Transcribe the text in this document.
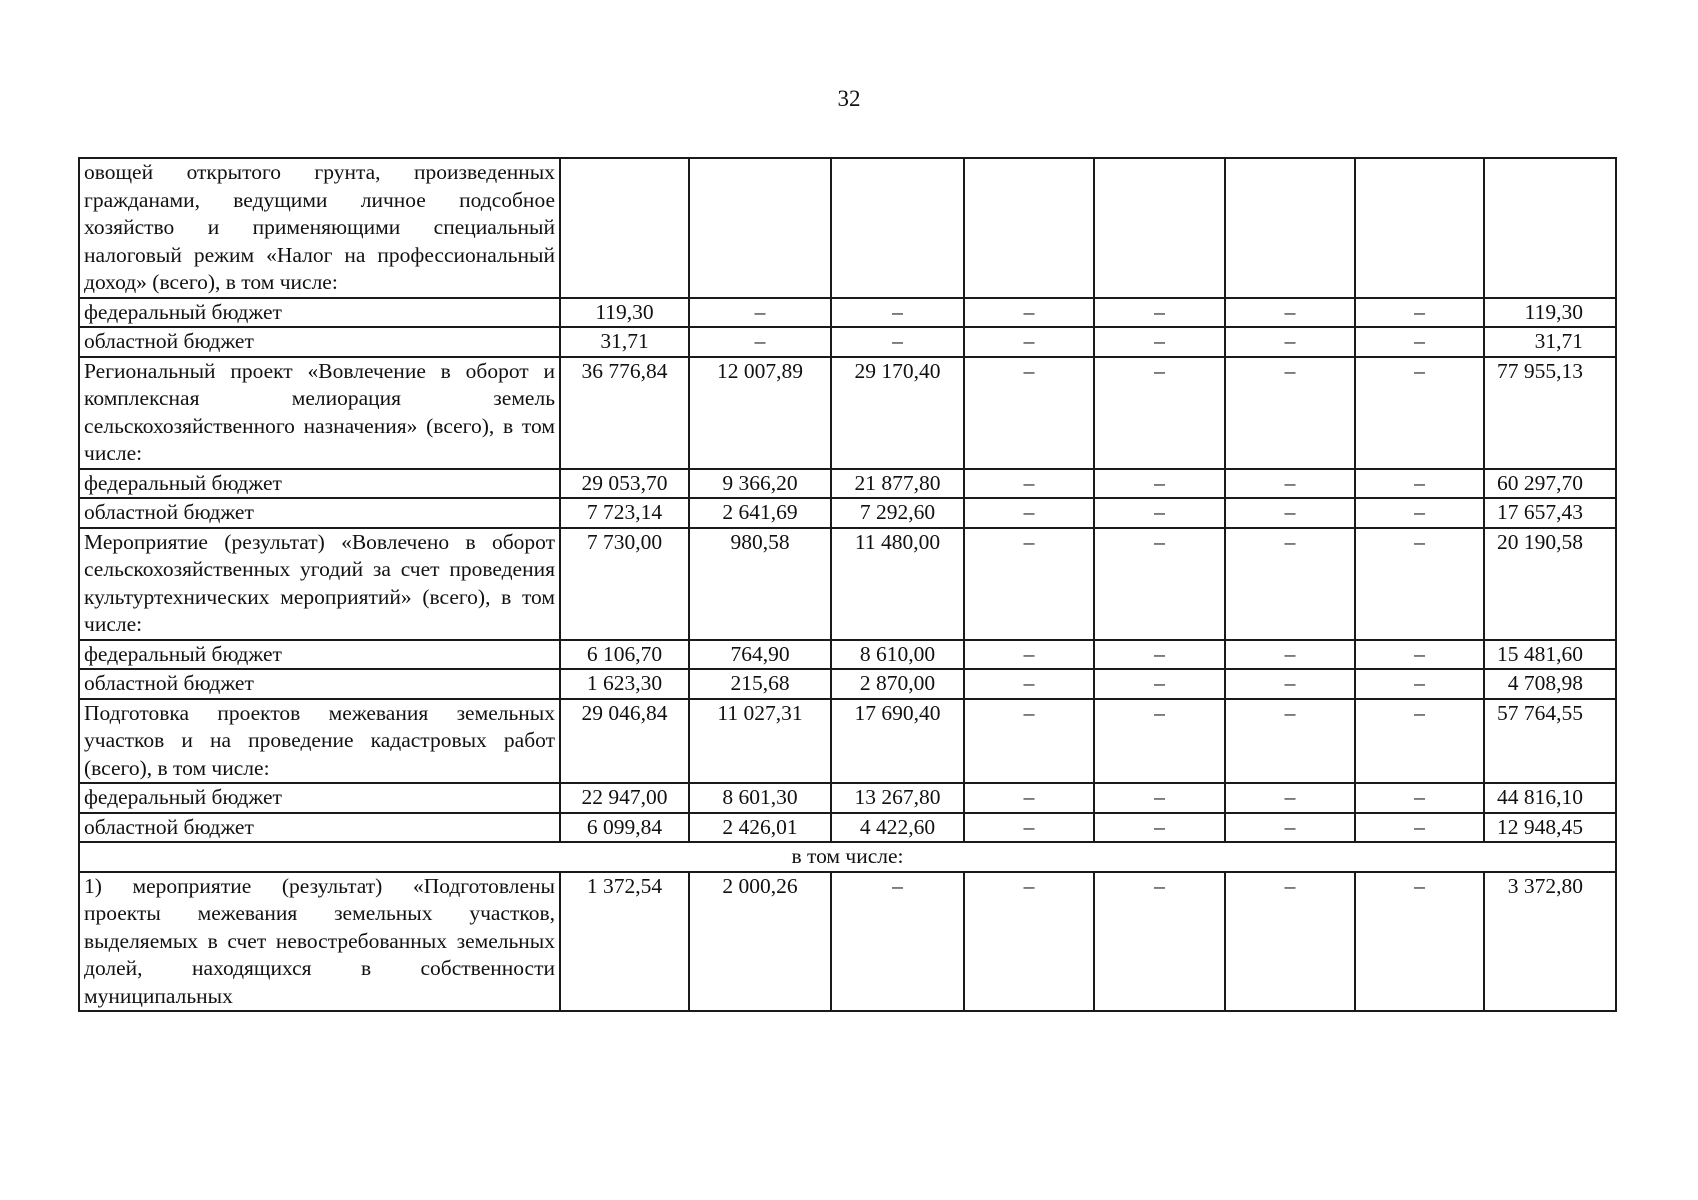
32
овощей открытого грунта, произведенных гражданами, ведущими личное подсобное хозяйство и применяющими специальный налоговый режим «Налог на профессиональный доход» (всего), в том числе:								
федеральный бюджет	119,30	–	–	–	–	–	–	119,30
областной бюджет	31,71	–	–	–	–	–	–	31,71
Региональный проект «Вовлечение в оборот и комплексная мелиорация земель сельскохозяйственного назначения» (всего), в том числе:	36 776,84	12 007,89	29 170,40	–	–	–	–	77 955,13
федеральный бюджет	29 053,70	9 366,20	21 877,80	–	–	–	–	60 297,70
областной бюджет	7 723,14	2 641,69	7 292,60	–	–	–	–	17 657,43
Мероприятие (результат) «Вовлечено в оборот сельскохозяйственных угодий за счет проведения культуртехнических мероприятий» (всего), в том числе:	7 730,00	980,58	11 480,00	–	–	–	–	20 190,58
федеральный бюджет	6 106,70	764,90	8 610,00	–	–	–	–	15 481,60
областной бюджет	1 623,30	215,68	2 870,00	–	–	–	–	4 708,98
Подготовка проектов межевания земельных участков и на проведение кадастровых работ (всего), в том числе:	29 046,84	11 027,31	17 690,40	–	–	–	–	57 764,55
федеральный бюджет	22 947,00	8 601,30	13 267,80	–	–	–	–	44 816,10
областной бюджет	6 099,84	2 426,01	4 422,60	–	–	–	–	12 948,45
в том числе:								
1) мероприятие (результат) «Подготовлены проекты межевания земельных участков, выделяемых в счет невостребованных земельных долей, находящихся в собственности муниципальных	1 372,54	2 000,26	–	–	–	–	–	3 372,80
